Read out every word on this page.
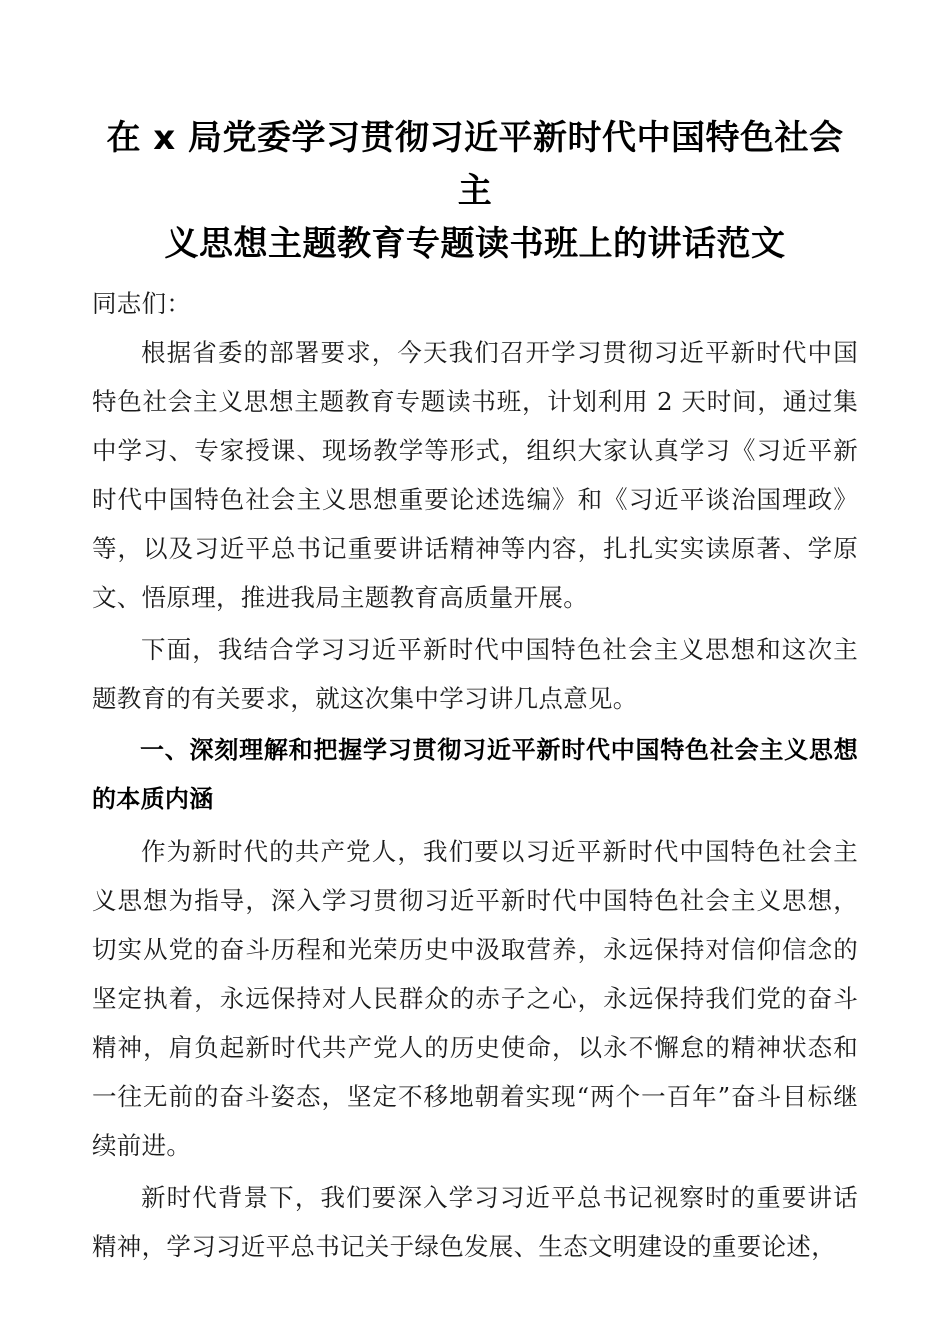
在 x 局党委学习贯彻习近平新时代中国特色社会主
义思想主题教育专题读书班上的讲话范文
同志们：

根据省委的部署要求，今天我们召开学习贯彻习近平新时代中国特色社会主义思想主题教育专题读书班，计划利用 2 天时间，通过集中学习、专家授课、现场教学等形式，组织大家认真学习《习近平新时代中国特色社会主义思想重要论述选编》和《习近平谈治国理政》等，以及习近平总书记重要讲话精神等内容，扎扎实实读原著、学原文、悟原理，推进我局主题教育高质量开展。

下面，我结合学习习近平新时代中国特色社会主义思想和这次主题教育的有关要求，就这次集中学习讲几点意见。

一、深刻理解和把握学习贯彻习近平新时代中国特色社会主义思想的本质内涵

作为新时代的共产党人，我们要以习近平新时代中国特色社会主义思想为指导，深入学习贯彻习近平新时代中国特色社会主义思想，切实从党的奋斗历程和光荣历史中汲取营养，永远保持对信仰信念的坚定执着，永远保持对人民群众的赤子之心，永远保持我们党的奋斗精神，肩负起新时代共产党人的历史使命，以永不懈怠的精神状态和一往无前的奋斗姿态，坚定不移地朝着实现“两个一百年”奋斗目标继续前进。

新时代背景下，我们要深入学习习近平总书记视察时的重要讲话精神，学习习近平总书记关于绿色发展、生态文明建设的重要论述，
